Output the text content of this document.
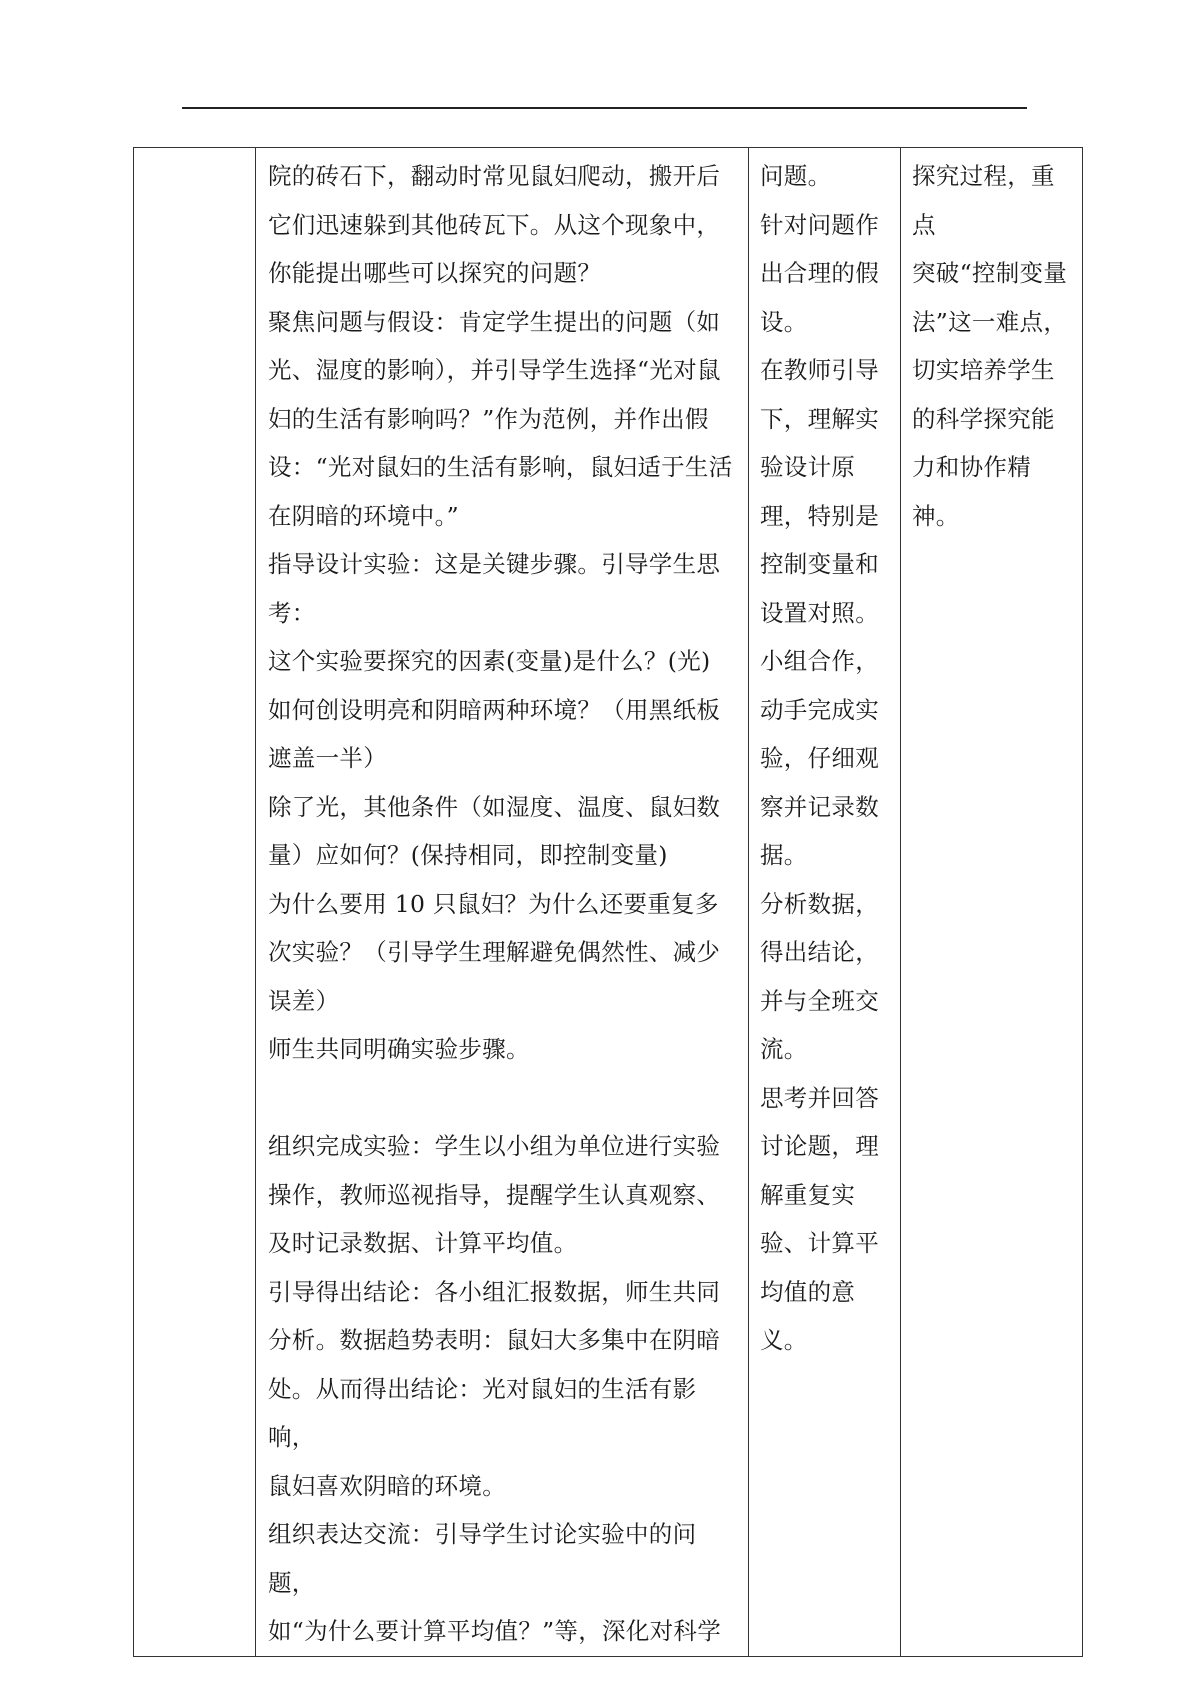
院的砖石下，翻动时常见鼠妇爬动，搬开后
它们迅速躲到其他砖瓦下。从这个现象中，
你能提出哪些可以探究的问题？
聚焦问题与假设：肯定学生提出的问题（如
光、湿度的影响），并引导学生选择“光对鼠
妇的生活有影响吗？”作为范例，并作出假
设：“光对鼠妇的生活有影响，鼠妇适于生活
在阴暗的环境中。”
指导设计实验：这是关键步骤。引导学生思
考：
这个实验要探究的因素(变量)是什么？(光)
如何创设明亮和阴暗两种环境？（用黑纸板
遮盖一半）
除了光，其他条件（如湿度、温度、鼠妇数
量）应如何？(保持相同，即控制变量)
为什么要用 10 只鼠妇？为什么还要重复多
次实验？（引导学生理解避免偶然性、减少
误差）
师生共同明确实验步骤。
组织完成实验：学生以小组为单位进行实验
操作，教师巡视指导，提醒学生认真观察、
及时记录数据、计算平均值。
引导得出结论：各小组汇报数据，师生共同
分析。数据趋势表明：鼠妇大多集中在阴暗
处。从而得出结论：光对鼠妇的生活有影响，
鼠妇喜欢阴暗的环境。
组织表达交流：引导学生讨论实验中的问题，
如“为什么要计算平均值？”等，深化对科学

问题。
针对问题作
出合理的假
设。
在教师引导
下，理解实
验设计原
理，特别是
控制变量和
设置对照。
小组合作，
动手完成实
验，仔细观
察并记录数
据。
分析数据，
得出结论，
并与全班交
流。
思考并回答
讨论题，理
解重复实
验、计算平
均值的意
义。

探究过程，重点
突破“控制变量
法”这一难点，
切实培养学生
的科学探究能
力和协作精神。
